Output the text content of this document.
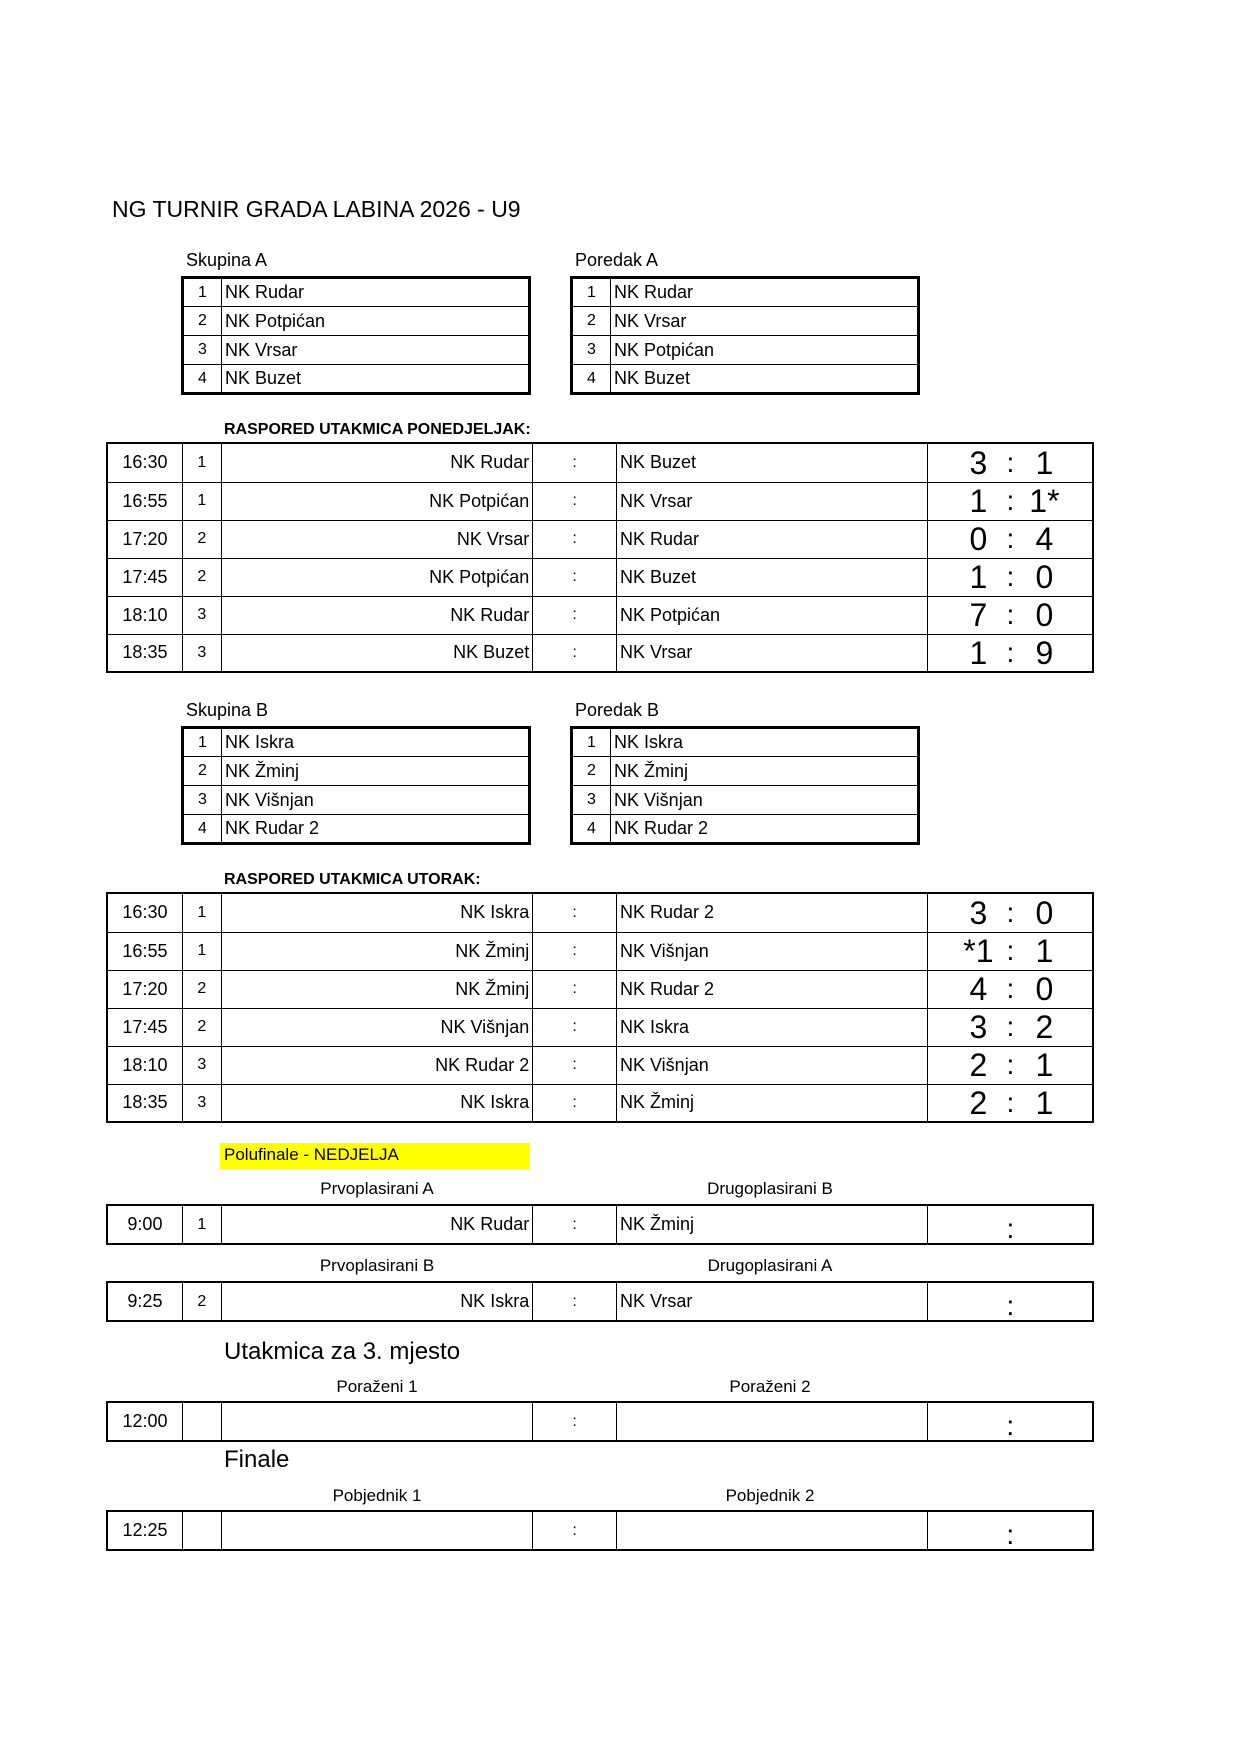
NG TURNIR GRADA LABINA 2026 - U9
Skupina A
1	NK Rudar
2	NK Potpićan
3	NK Vrsar
4	NK Buzet
Poredak A
1	NK Rudar
2	NK Vrsar
3	NK Potpićan
4	NK Buzet
RASPORED UTAKMICA PONEDJELJAK:
16:30	1	NK Rudar	:	NK Buzet	3 : 1

16:55	1	NK Potpićan	:	NK Vrsar	1 : 1*

17:20	2	NK Vrsar	:	NK Rudar	0 : 4

17:45	2	NK Potpićan	:	NK Buzet	1 : 0

18:10	3	NK Rudar	:	NK Potpićan	7 : 0

18:35	3	NK Buzet	:	NK Vrsar	1 : 9
Skupina B
1	NK Iskra
2	NK Žminj
3	NK Višnjan
4	NK Rudar 2
Poredak B
1	NK Iskra
2	NK Žminj
3	NK Višnjan
4	NK Rudar 2
RASPORED UTAKMICA UTORAK:
16:30	1	NK Iskra	:	NK Rudar 2	3 : 0

16:55	1	NK Žminj	:	NK Višnjan	*1 : 1

17:20	2	NK Žminj	:	NK Rudar 2	4 : 0

17:45	2	NK Višnjan	:	NK Iskra	3 : 2

18:10	3	NK Rudar 2	:	NK Višnjan	2 : 1

18:35	3	NK Iskra	:	NK Žminj	2 : 1
Polufinale - NEDJELJA
Prvoplasirani A	Drugoplasirani B
9:00	1	NK Rudar	:	NK Žminj	:
Prvoplasirani B	Drugoplasirani A
9:25	2	NK Iskra	:	NK Vrsar	:
Utakmica za 3. mjesto
Poraženi 1	Poraženi 2
12:00			:		:
Finale
Pobjednik 1	Pobjednik 2
12:25			:		:
